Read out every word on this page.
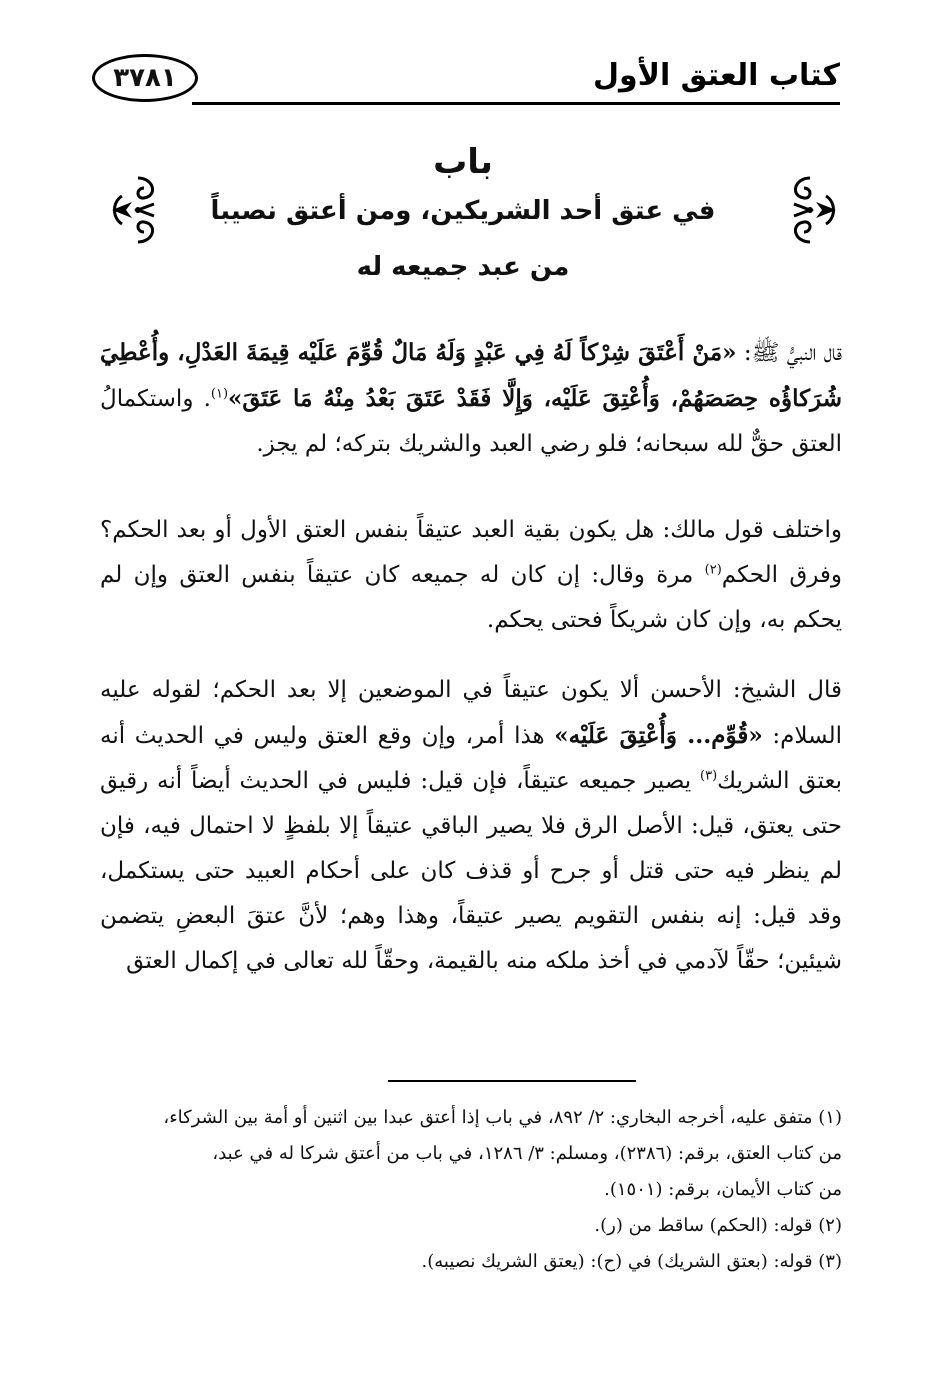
كتاب العتق الأول
٣٧٨١
باب
في عتق أحد الشريكين، ومن أعتق نصيباً
من عبد جميعه له

قال النبيُّ ﷺ: «مَنْ أَعْتَقَ شِرْكاً لَهُ فِي عَبْدٍ وَلَهُ مَالٌ قُوِّمَ عَلَيْه قِيمَةَ العَدْلِ، وأُعْطِيَ شُرَكاؤُه حِصَصَهُمْ، وَأُعْتِقَ عَلَيْه، وَإِلَّا فَقَدْ عَتَقَ بَعْدُ مِنْهُ مَا عَتَقَ»$^{(١)}$. واستكمالُ العتق حقٌّ لله سبحانه؛ فلو رضي العبد والشريك بتركه؛ لم يجز.

واختلف قول مالك: هل يكون بقية العبد عتيقاً بنفس العتق الأول أو بعد الحكم؟ وفرق الحكم$^{(٢)}$ مرة وقال: إن كان له جميعه كان عتيقاً بنفس العتق وإن لم يحكم به، وإن كان شريكاً فحتى يحكم.

قال الشيخ: الأحسن ألا يكون عتيقاً في الموضعين إلا بعد الحكم؛ لقوله عليه السلام: «قُوِّم... وَأُعْتِقَ عَلَيْه» هذا أمر، وإن وقع العتق وليس في الحديث أنه بعتق الشريك$^{(٣)}$ يصير جميعه عتيقاً، فإن قيل: فليس في الحديث أيضاً أنه رقيق حتى يعتق، قيل: الأصل الرق فلا يصير الباقي عتيقاً إلا بلفظٍ لا احتمال فيه، فإن لم ينظر فيه حتى قتل أو جرح أو قذف كان على أحكام العبيد حتى يستكمل، وقد قيل: إنه بنفس التقويم يصير عتيقاً، وهذا وهم؛ لأنَّ عتقَ البعضِ يتضمن شيئين؛ حقّاً لآدمي في أخذ ملكه منه بالقيمة، وحقّاً لله تعالى في إكمال العتق

(١) متفق عليه، أخرجه البخاري: ٢/ ٨٩٢، في باب إذا أعتق عبدا بين اثنين أو أمة بين الشركاء،
من كتاب العتق، برقم: (٢٣٨٦)، ومسلم: ٣/ ١٢٨٦، في باب من أعتق شركا له في عبد،
من كتاب الأيمان، برقم: (١٥٠١).
(٢) قوله: (الحكم) ساقط من (ر).
(٣) قوله: (بعتق الشريك) في (ح): (يعتق الشريك نصيبه).
